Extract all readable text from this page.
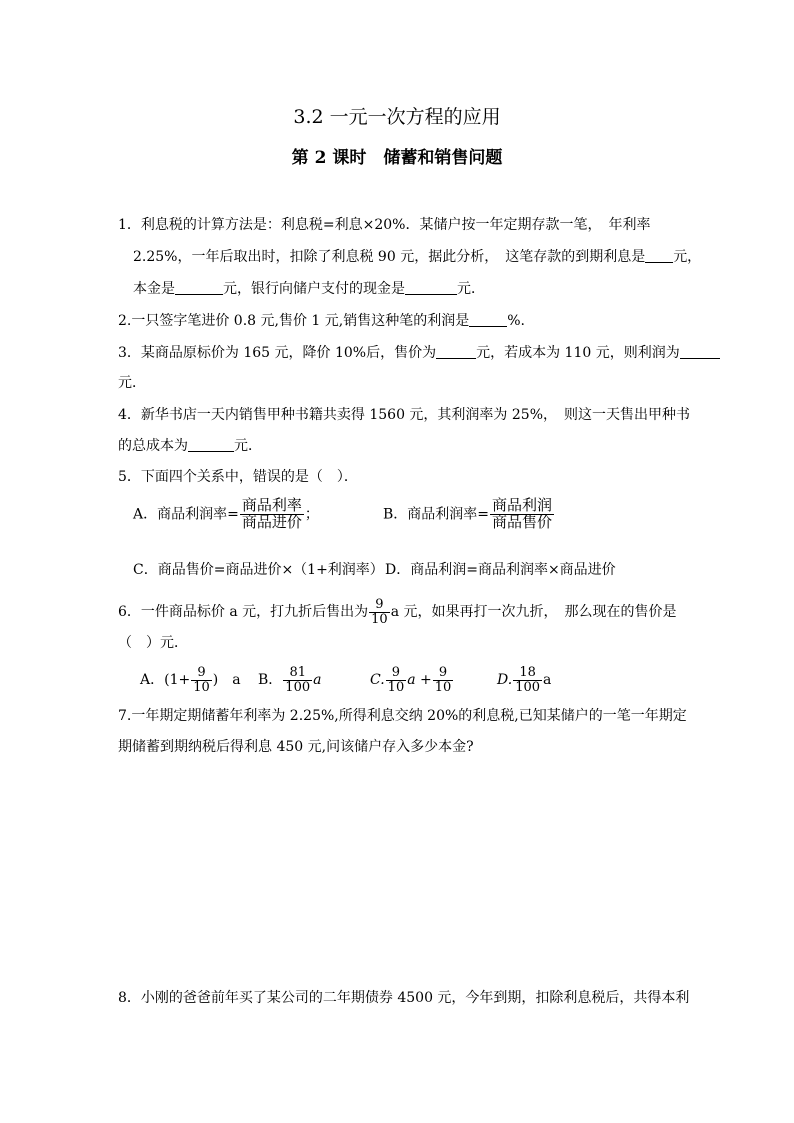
3.2 一元一次方程的应用
第 2 课时　储蓄和销售问题
1．利息税的计算方法是：利息税=利息×20%．某储户按一年定期存款一笔，　年利率
2.25%，一年后取出时，扣除了利息税 90 元，据此分析，　这笔存款的到期利息是 元，
本金是	元，银行向储户支付的现金是	元．
2.一只签字笔进价 0.8 元,售价 1 元,销售这种笔的利润是	%.
3．某商品原标价为 165 元，降价 10%后，售价为	元，若成本为 110 元，则利润为
元．
4．新华书店一天内销售甲种书籍共卖得 1560 元，其利润率为 25%，　则这一天售出甲种书
的总成本为	元．
5．下面四个关系中，错误的是（　）．
A．商品利润率= $\frac{\text{商品利率}}{\text{商品进价}}$ ；	B．商品利润率= $\frac{\text{商品利润}}{\text{商品售价}}$
C．商品售价=商品进价×（1+利润率） D．商品利润=商品利润率×商品进价
6．一件商品标价 a 元，打九折后售出为 $\frac{9}{10}$ a 元，如果再打一次九折，　那么现在的售价是
（　）元．
A．($1+ \frac{9}{10}$ )　a B． $\frac{81}{100}$ a	C. $\frac{9}{10}$ $a + \frac{9}{10}$	D. $\frac{18}{100}$ a
7.一年期定期储蓄年利率为 2.25%,所得利息交纳 20%的利息税,已知某储户的一笔一年期定
期储蓄到期纳税后得利息 450 元,问该储户存入多少本金?
8．小刚的爸爸前年买了某公司的二年期债券 4500 元，今年到期，扣除利息税后，共得本利
